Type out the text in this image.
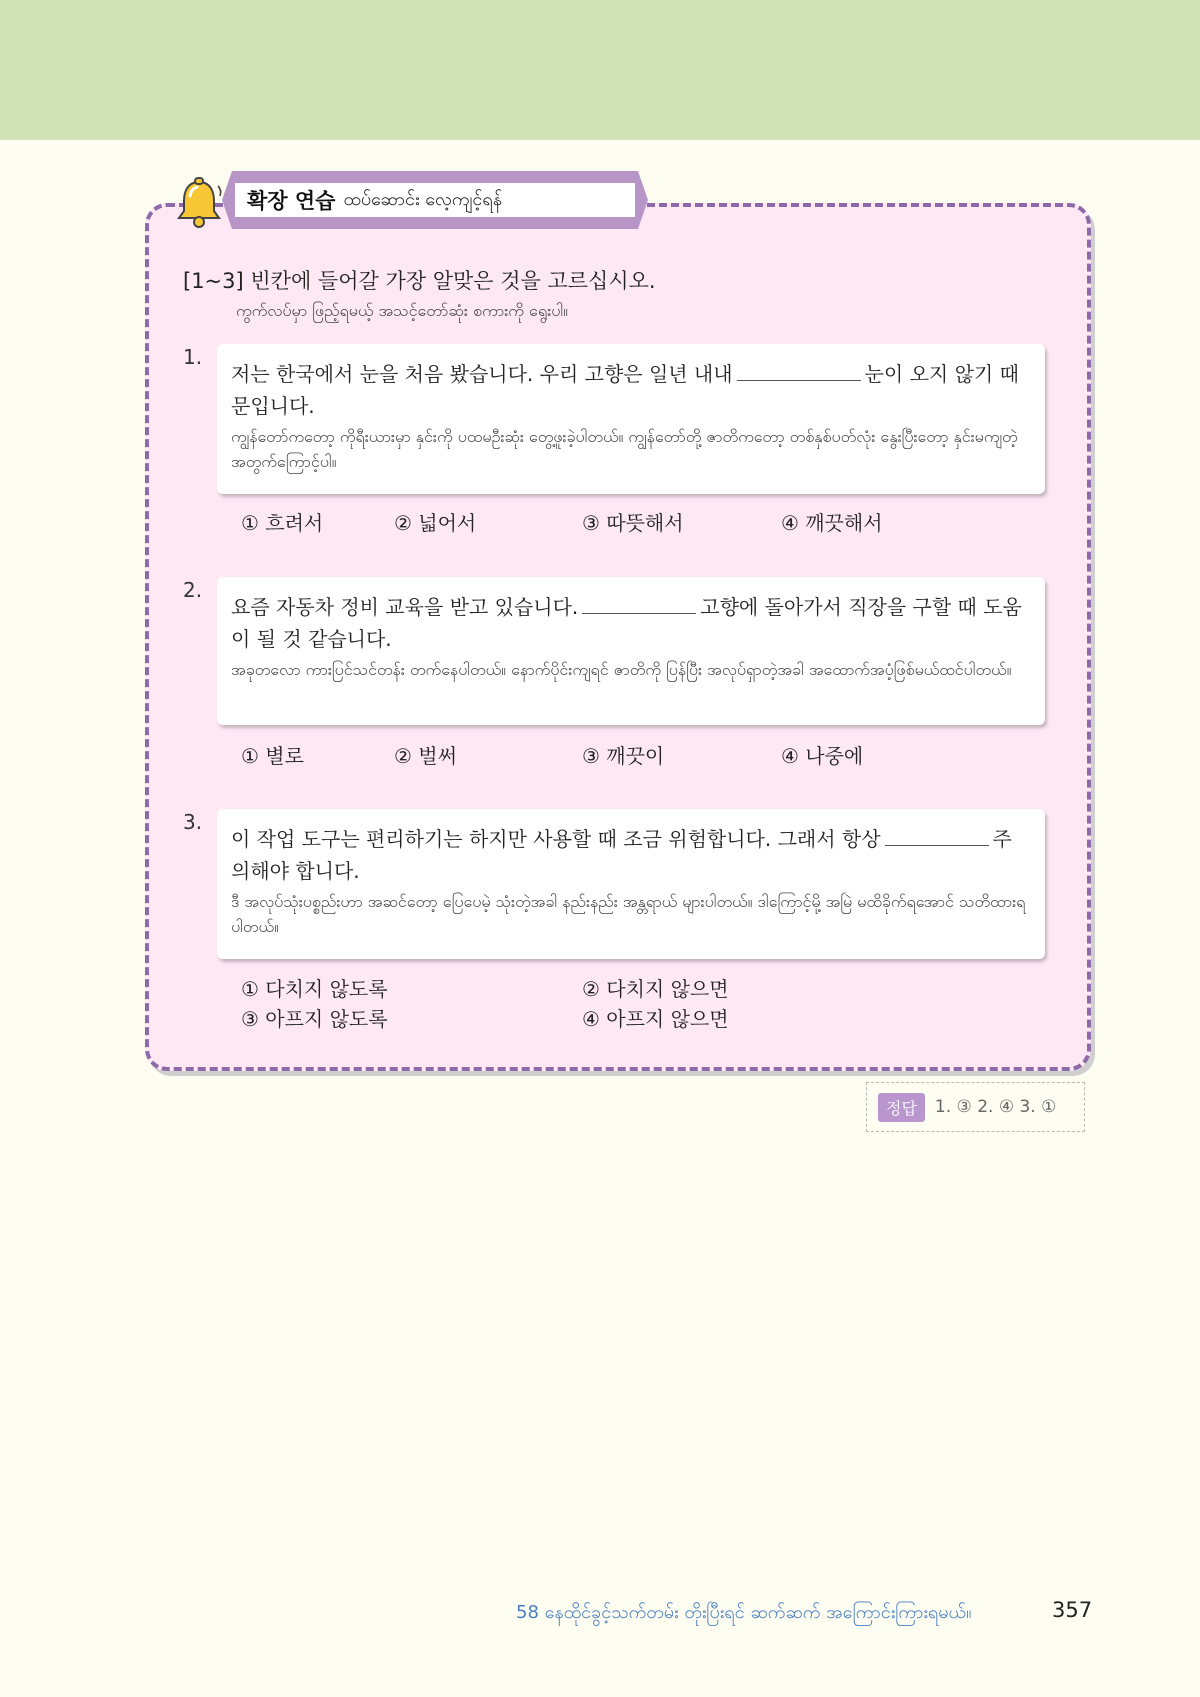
확장 연습 ထပ်ဆောင်း လေ့ကျင့်ရန်
[1~3] 빈칸에 들어갈 가장 알맞은 것을 고르십시오.
ကွက်လပ်မှာ ဖြည့်ရမယ့် အသင့်တော်ဆုံး စကားကို ရွေးပါ။
1.
저는 한국에서 눈을 처음 봤습니다. 우리 고향은 일년 내내	눈이 오지 않기 때문입니다.
ကျွန်တော်ကတော့ ကိုရီးယားမှာ နှင်းကို ပထမဦးဆုံး တွေ့ဖူးခဲ့ပါတယ်။ ကျွန်တော်တို့ ဇာတိကတော့ တစ်နှစ်ပတ်လုံး နွေးပြီးတော့ နှင်းမကျတဲ့အတွက်ကြောင့်ပါ။
① 흐려서	② 넓어서	③ 따뜻해서	④ 깨끗해서
2.
요즘 자동차 정비 교육을 받고 있습니다.	고향에 돌아가서 직장을 구할 때 도움이 될 것 같습니다.
အခုတလော ကားပြင်သင်တန်း တက်နေပါတယ်။ နောက်ပိုင်းကျရင် ဇာတိကို ပြန်ပြီး အလုပ်ရှာတဲ့အခါ အထောက်အပံ့ဖြစ်မယ်ထင်ပါတယ်။
① 별로	② 벌써	③ 깨끗이	④ 나중에
3.
이 작업 도구는 편리하기는 하지만 사용할 때 조금 위험합니다. 그래서 항상	주의해야 합니다.
ဒီ အလုပ်သုံးပစ္စည်းဟာ အဆင်တော့ ပြေပေမဲ့ သုံးတဲ့အခါ နည်းနည်း အန္တရာယ် များပါတယ်။ ဒါကြောင့်မို့ အမြဲ မထိခိုက်ရအောင် သတိထားရပါတယ်။
① 다치지 않도록	② 다치지 않으면
③ 아프지 않도록	④ 아프지 않으면
정답	1. ③ 2. ④ 3. ①
58 နေထိုင်ခွင့်သက်တမ်း တိုးပြီးရင် ဆက်ဆက် အကြောင်းကြားရမယ်။	357
